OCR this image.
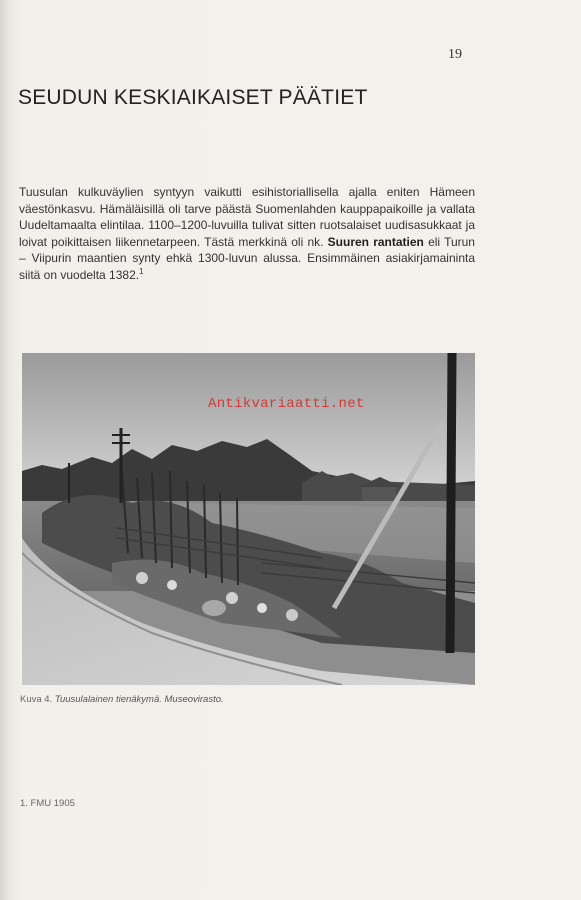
19
SEUDUN KESKIAIKAISET PÄÄTIET

Tuusulan kulkuväylien syntyyn vaikutti esihistoriallisella ajalla eniten Hämeen väestönkasvu. Hämäläisillä oli tarve päästä Suomenlahden kauppapaikoille ja vallata Uudeltamaalta elintilaa. 1100–1200-luvuilla tulivat sitten ruotsalaiset uudisasukkaat ja loivat poikittaisen liikennetarpeen. Tästä merkkinä oli nk. Suuren rantatien eli Turun – Viipurin maantien synty ehkä 1300-luvun alussa. Ensimmäinen asiakirjamaininta siitä on vuodelta 1382.$^1$

Antikvariaatti.net
Kuva 4. Tuusulalainen tienäkymä. Museovirasto.
1. FMU 1905
